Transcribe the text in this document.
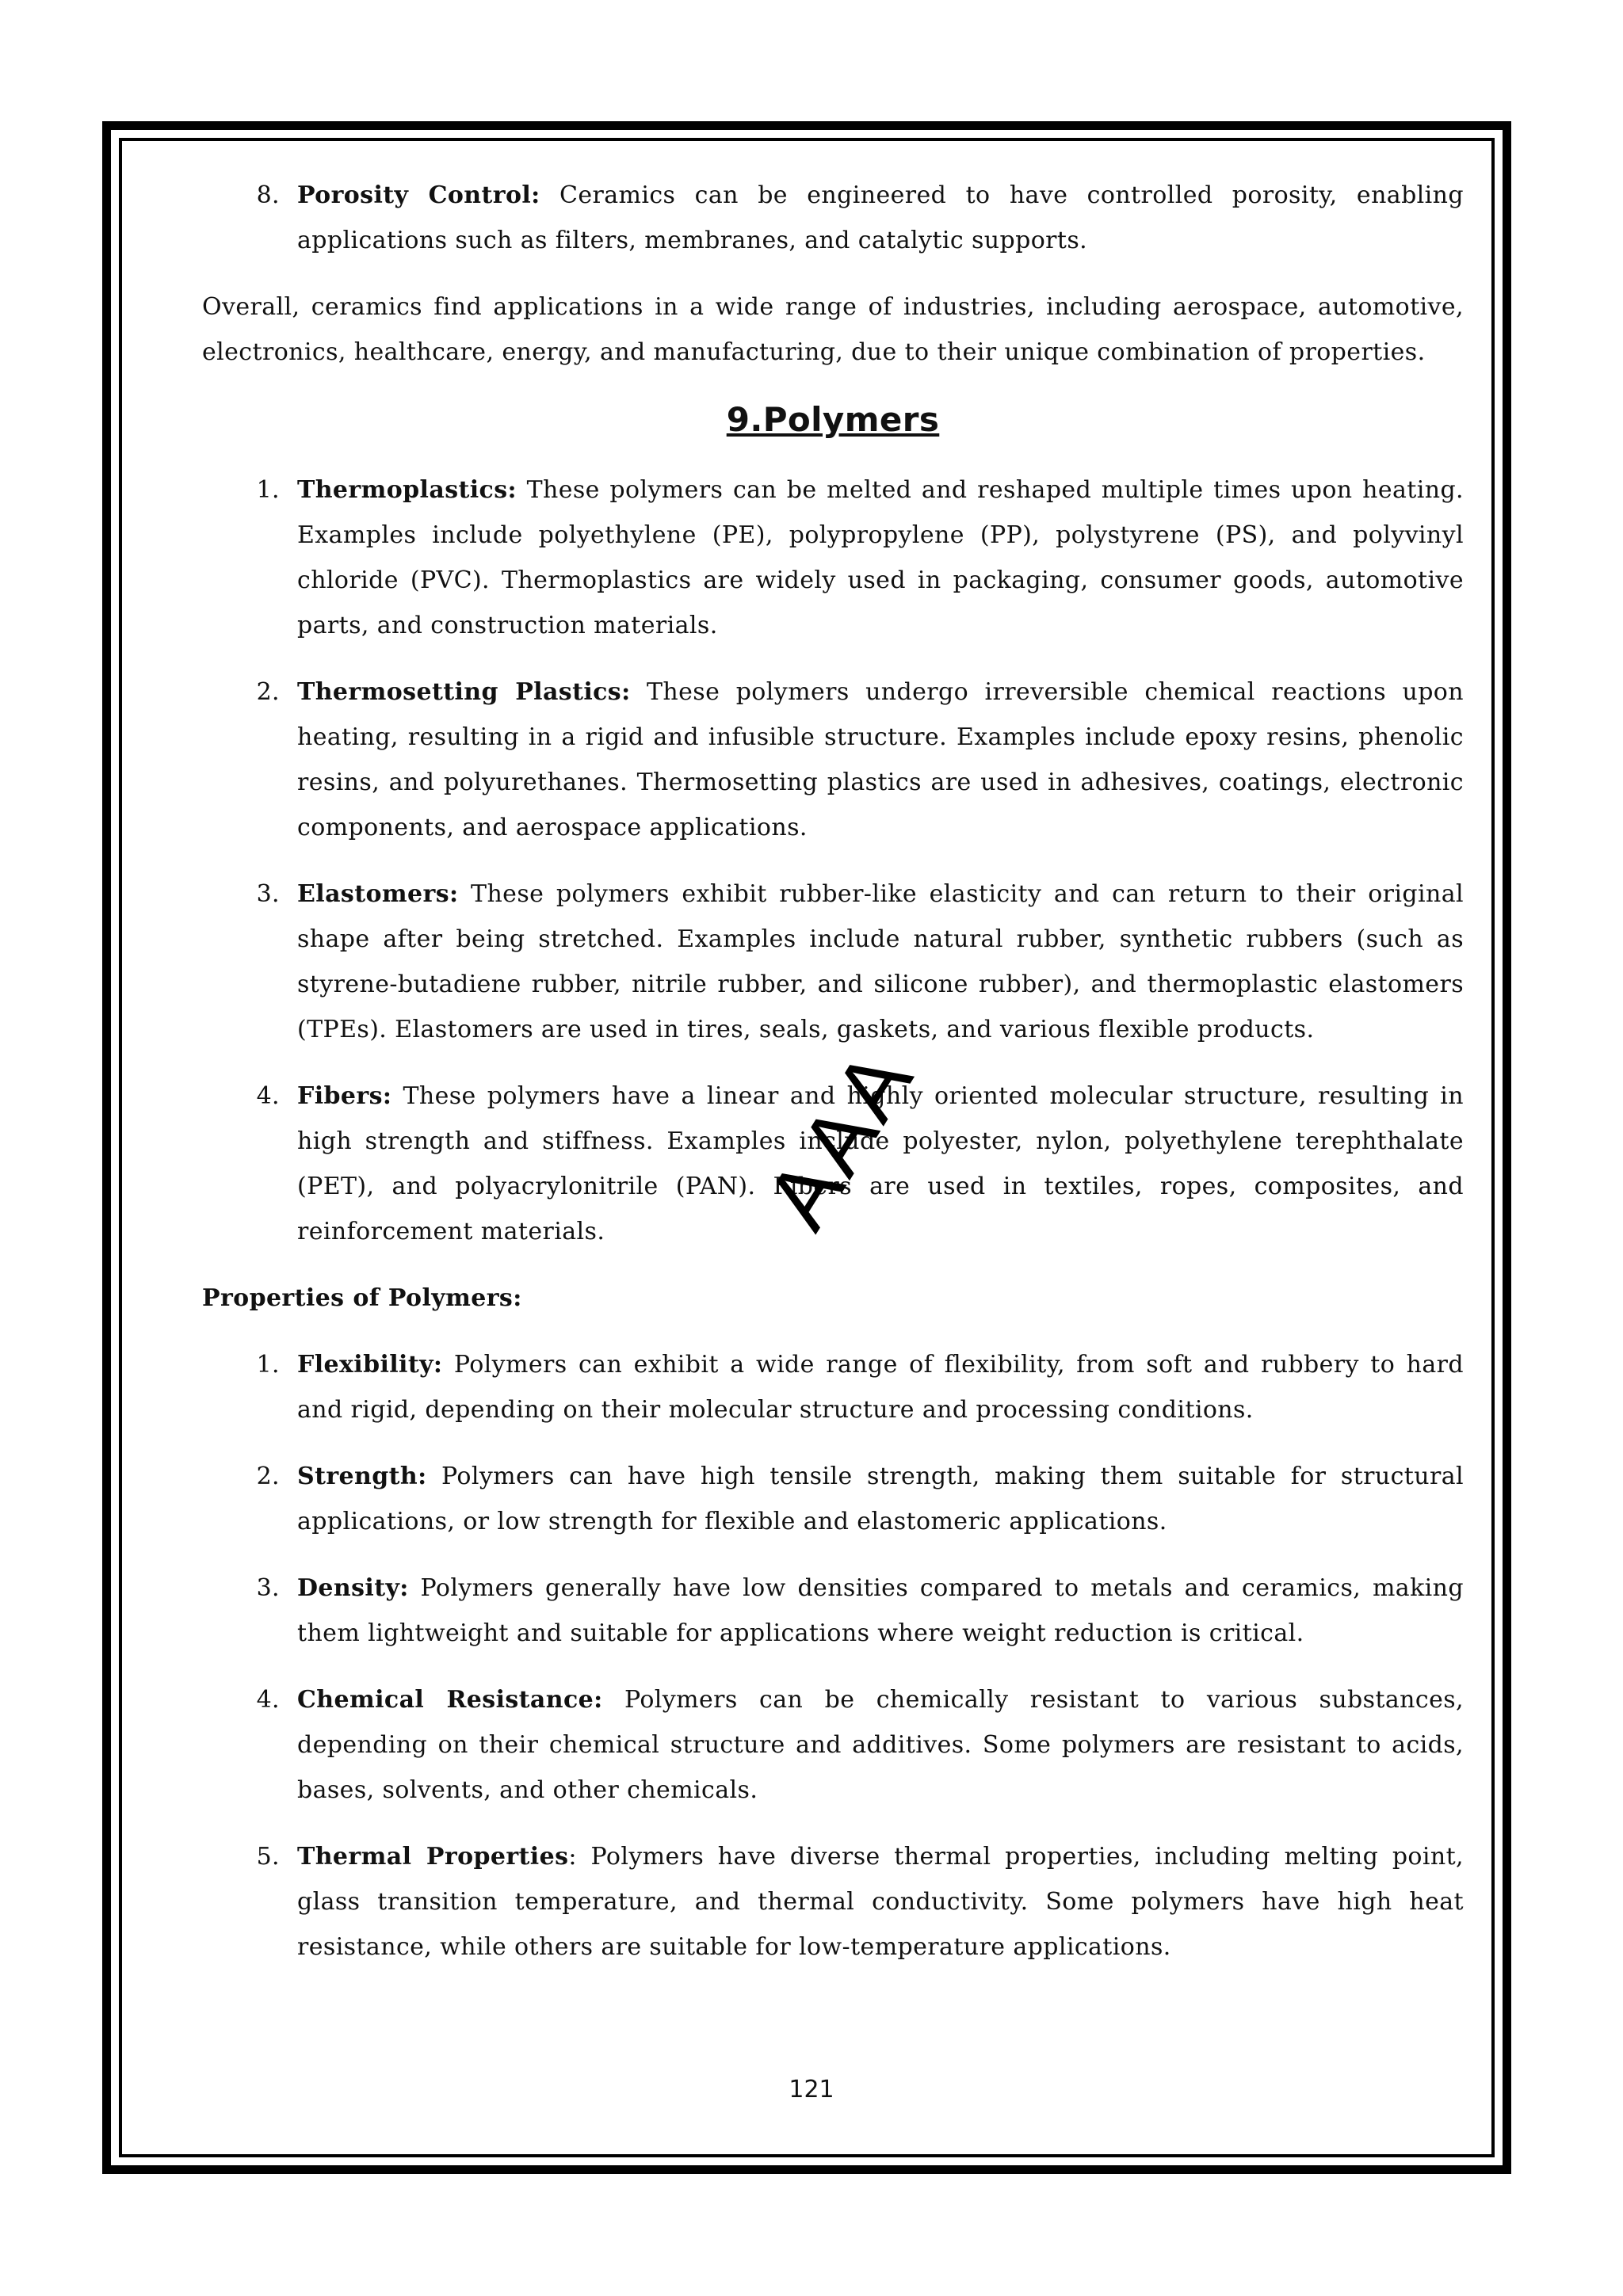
8. Porosity Control: Ceramics can be engineered to have controlled porosity, enabling applications such as filters, membranes, and catalytic supports.

Overall, ceramics find applications in a wide range of industries, including aerospace, automotive, electronics, healthcare, energy, and manufacturing, due to their unique combination of properties.

9.Polymers
1. Thermoplastics: These polymers can be melted and reshaped multiple times upon heating. Examples include polyethylene (PE), polypropylene (PP), polystyrene (PS), and polyvinyl chloride (PVC). Thermoplastics are widely used in packaging, consumer goods, automotive parts, and construction materials.
2. Thermosetting Plastics: These polymers undergo irreversible chemical reactions upon heating, resulting in a rigid and infusible structure. Examples include epoxy resins, phenolic resins, and polyurethanes. Thermosetting plastics are used in adhesives, coatings, electronic components, and aerospace applications.
3. Elastomers: These polymers exhibit rubber-like elasticity and can return to their original shape after being stretched. Examples include natural rubber, synthetic rubbers (such as styrene-butadiene rubber, nitrile rubber, and silicone rubber), and thermoplastic elastomers (TPEs). Elastomers are used in tires, seals, gaskets, and various flexible products.
4. Fibers: These polymers have a linear and highly oriented molecular structure, resulting in high strength and stiffness. Examples include polyester, nylon, polyethylene terephthalate (PET), and polyacrylonitrile (PAN). Fibers are used in textiles, ropes, composites, and reinforcement materials.
Properties of Polymers:
1. Flexibility: Polymers can exhibit a wide range of flexibility, from soft and rubbery to hard and rigid, depending on their molecular structure and processing conditions.
2. Strength: Polymers can have high tensile strength, making them suitable for structural applications, or low strength for flexible and elastomeric applications.
3. Density: Polymers generally have low densities compared to metals and ceramics, making them lightweight and suitable for applications where weight reduction is critical.
4. Chemical Resistance: Polymers can be chemically resistant to various substances, depending on their chemical structure and additives. Some polymers are resistant to acids, bases, solvents, and other chemicals.
5. Thermal Properties: Polymers have diverse thermal properties, including melting point, glass transition temperature, and thermal conductivity. Some polymers have high heat resistance, while others are suitable for low-temperature applications.
AAA
121
